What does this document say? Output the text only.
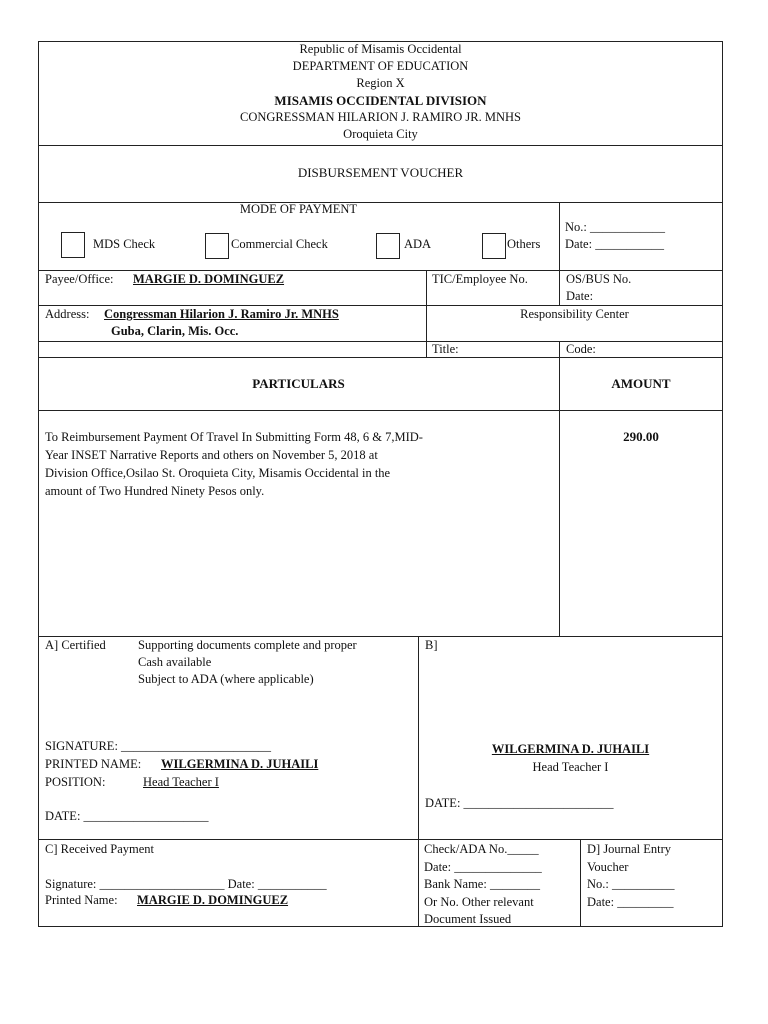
Republic of Misamis Occidental
DEPARTMENT OF EDUCATION
Region X
MISAMIS OCCIDENTAL DIVISION
CONGRESSMAN HILARION J. RAMIRO JR. MNHS
Oroquieta City
DISBURSEMENT VOUCHER
MODE OF PAYMENT
MDS Check	Commercial Check	ADA	Others
No.: ____________
Date: ___________
Payee/Office: MARGIE D. DOMINGUEZ	TIC/Employee No.	OS/BUS No.
Date:
Address: Congressman Hilarion J. Ramiro Jr. MNHS
Guba, Clarin, Mis. Occ.
Responsibility Center
Title:	Code:
PARTICULARS	AMOUNT
To Reimbursement Payment Of Travel In Submitting Form 48, 6 & 7,MID-
Year INSET Narrative Reports and others on November 5, 2018 at
Division Office,Osilao St. Oroquieta City, Misamis Occidental in the
amount of Two Hundred Ninety Pesos only.
290.00
A] Certified	Supporting documents complete and proper
Cash available
Subject to ADA (where applicable)
SIGNATURE: ________________________
PRINTED NAME: WILGERMINA D. JUHAILI
POSITION:	Head Teacher I
DATE: ____________________
B]
WILGERMINA D. JUHAILI
Head Teacher I
DATE: ________________________
C] Received Payment
Signature: ____________________ Date: ___________
Printed Name: MARGIE D. DOMINGUEZ
Check/ADA No._____
Date: ______________
Bank Name: ________
Or No. Other relevant
Document Issued
D] Journal Entry
Voucher
No.: __________
Date: _________
